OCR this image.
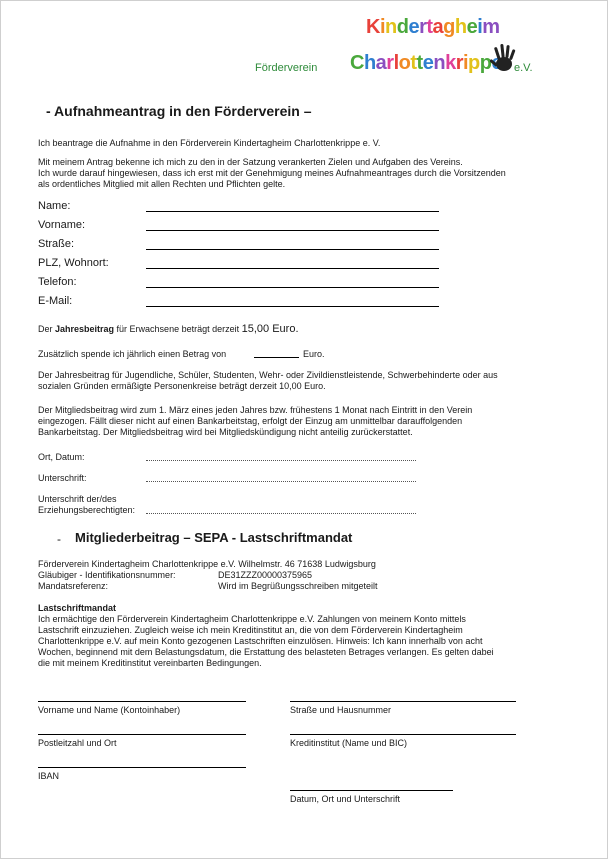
Förderverein
Kindertagheim
Charlottenkripp	e.V.
- Aufnahmeantrag in den Förderverein –
Ich beantrage die Aufnahme in den Förderverein Kindertagheim Charlottenkrippe e. V.
Mit meinem Antrag bekenne ich mich zu den in der Satzung verankerten Zielen und Aufgaben des Vereins.
Ich wurde darauf hingewiesen, dass ich erst mit der Genehmigung meines Aufnahmeantrages durch die Vorsitzenden
als ordentliches Mitglied mit allen Rechten und Pflichten gelte.
Name:
Vorname:
Straße:
PLZ, Wohnort:
Telefon:
E-Mail:
Der Jahresbeitrag für Erwachsene beträgt derzeit 15,00 Euro.
Zusätzlich spende ich jährlich einen Betrag von	Euro.
Der Jahresbeitrag für Jugendliche, Schüler, Studenten, Wehr- oder Zivildienstleistende, Schwerbehinderte oder aus
sozialen Gründen ermäßigte Personenkreise beträgt derzeit 10,00 Euro.
Der Mitgliedsbeitrag wird zum 1. März eines jeden Jahres bzw. frühestens 1 Monat nach Eintritt in den Verein
eingezogen. Fällt dieser nicht auf einen Bankarbeitstag, erfolgt der Einzug am unmittelbar darauffolgenden
Bankarbeitstag. Der Mitgliedsbeitrag wird bei Mitgliedskündigung nicht anteilig zurückerstattet.
Ort, Datum:
Unterschrift:
Unterschrift der/des
Erziehungsberechtigten:
- Mitgliederbeitrag – SEPA - Lastschriftmandat
Förderverein Kindertagheim Charlottenkrippe e.V. Wilhelmstr. 46 71638 Ludwigsburg
Gläubiger - Identifikationsnummer:	DE31ZZZ00000375965
Mandatsreferenz:	Wird im Begrüßungsschreiben mitgeteilt
Lastschriftmandat
Ich ermächtige den Förderverein Kindertagheim Charlottenkrippe e.V. Zahlungen von meinem Konto mittels
Lastschrift einzuziehen. Zugleich weise ich mein Kreditinstitut an, die von dem Förderverein Kindertagheim
Charlottenkrippe e.V. auf mein Konto gezogenen Lastschriften einzulösen. Hinweis: Ich kann innerhalb von acht
Wochen, beginnend mit dem Belastungsdatum, die Erstattung des belasteten Betrages verlangen. Es gelten dabei
die mit meinem Kreditinstitut vereinbarten Bedingungen.
Vorname und Name (Kontoinhaber)	Straße und Hausnummer
Postleitzahl und Ort	Kreditinstitut (Name und BIC)
IBAN
Datum, Ort und Unterschrift
